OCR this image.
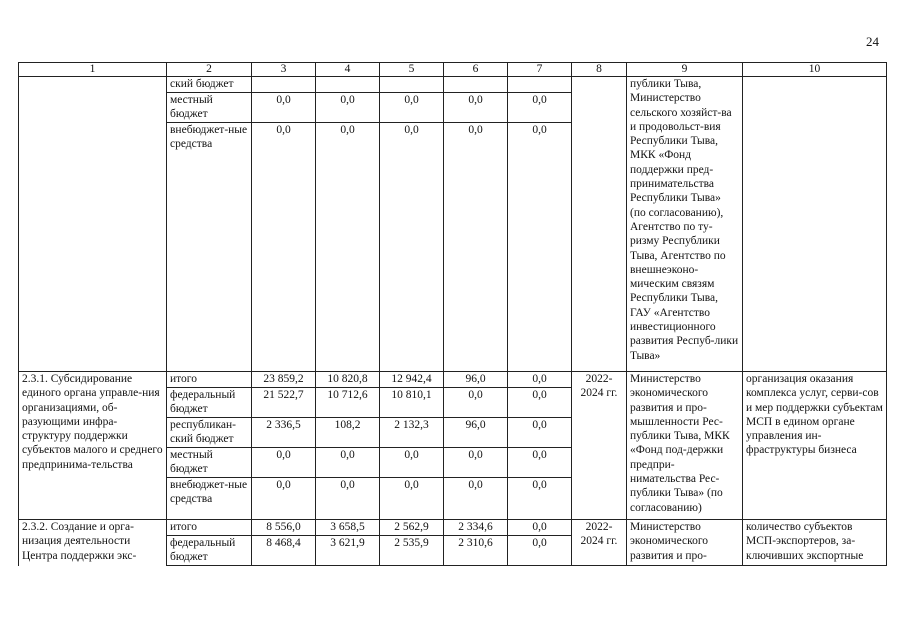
24
1	2	3	4	5	6	7	8	9	10
	ский бюджет							публики Тыва, Министерство сельского хозяйст-ва и продовольст-вия Республики Тыва, МКК «Фонд поддержки пред-принимательства Республики Тыва» (по согласованию), Агентство по ту-ризму Республики Тыва, Агентство по внешнеэконо-мическим связям Республики Тыва, ГАУ «Агентство инвестиционного развития Респуб-лики Тыва»	
	местный бюджет	0,0	0,0	0,0	0,0	0,0			
	внебюджет-ные средства	0,0	0,0	0,0	0,0	0,0			
2.3.1. Субсидирование единого органа управле-ния организациями, об-разующими инфра-структуру поддержки субъектов малого и среднего предпринима-тельства	итого	23 859,2	10 820,8	12 942,4	96,0	0,0	2022-2024 гг.	Министерство экономического развития и про-мышленности Рес-публики Тыва, МКК «Фонд под-держки предпри-нимательства Рес-публики Тыва» (по согласованию)	организация оказания комплекса услуг, серви-сов и мер поддержки субъектам МСП в едином органе управления ин-фраструктуры бизнеса
	федеральный бюджет	21 522,7	10 712,6	10 810,1	0,0	0,0			
	республикан-ский бюджет	2 336,5	108,2	2 132,3	96,0	0,0			
	местный бюджет	0,0	0,0	0,0	0,0	0,0			
	внебюджет-ные средства	0,0	0,0	0,0	0,0	0,0			
2.3.2. Создание и орга-низация деятельности Центра поддержки экс-	итого	8 556,0	3 658,5	2 562,9	2 334,6	0,0	2022-2024 гг.	Министерство экономического развития и про-	количество субъектов МСП-экспортеров, за-ключивших экспортные
	федеральный бюджет	8 468,4	3 621,9	2 535,9	2 310,6	0,0			
